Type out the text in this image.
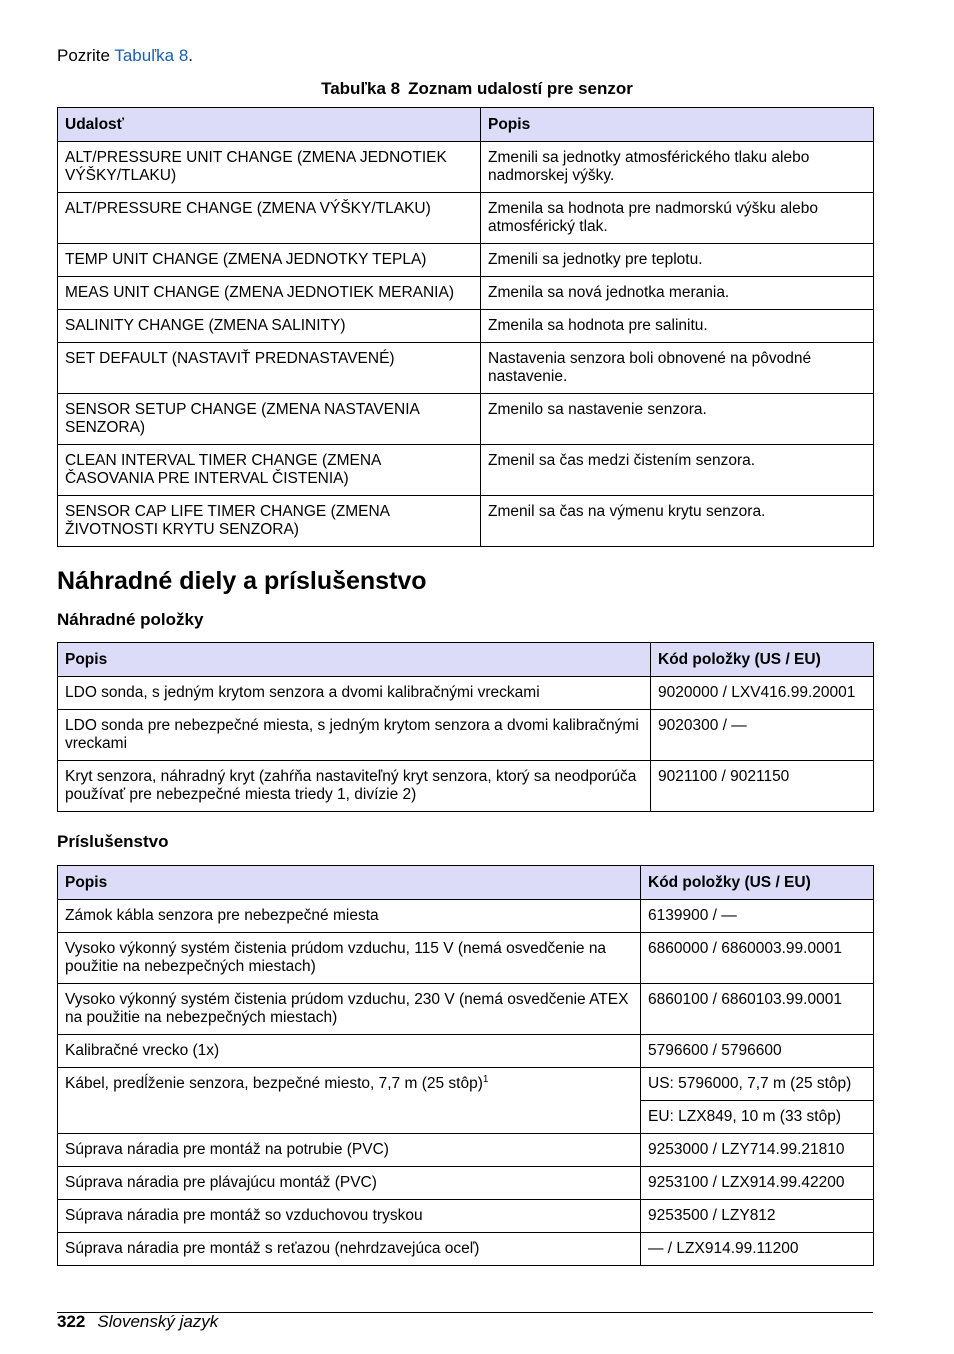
Pozrite Tabuľka 8.
Tabuľka 8 Zoznam udalostí pre senzor
Udalosť	Popis
ALT/PRESSURE UNIT CHANGE (ZMENA JEDNOTIEK VÝŠKY/TLAKU)	Zmenili sa jednotky atmosférického tlaku alebo nadmorskej výšky.
ALT/PRESSURE CHANGE (ZMENA VÝŠKY/TLAKU)	Zmenila sa hodnota pre nadmorskú výšku alebo atmosférický tlak.
TEMP UNIT CHANGE (ZMENA JEDNOTKY TEPLA)	Zmenili sa jednotky pre teplotu.
MEAS UNIT CHANGE (ZMENA JEDNOTIEK MERANIA)	Zmenila sa nová jednotka merania.
SALINITY CHANGE (ZMENA SALINITY)	Zmenila sa hodnota pre salinitu.
SET DEFAULT (NASTAVIŤ PREDNASTAVENÉ)	Nastavenia senzora boli obnovené na pôvodné nastavenie.
SENSOR SETUP CHANGE (ZMENA NASTAVENIA SENZORA)	Zmenilo sa nastavenie senzora.
CLEAN INTERVAL TIMER CHANGE (ZMENA ČASOVANIA PRE INTERVAL ČISTENIA)	Zmenil sa čas medzi čistením senzora.
SENSOR CAP LIFE TIMER CHANGE (ZMENA ŽIVOTNOSTI KRYTU SENZORA)	Zmenil sa čas na výmenu krytu senzora.
Náhradné diely a príslušenstvo
Náhradné položky
Popis	Kód položky (US / EU)
LDO sonda, s jedným krytom senzora a dvomi kalibračnými vreckami	9020000 / LXV416.99.20001
LDO sonda pre nebezpečné miesta, s jedným krytom senzora a dvomi kalibračnými vreckami	9020300 / —
Kryt senzora, náhradný kryt (zahŕňa nastaviteľný kryt senzora, ktorý sa neodporúča používať pre nebezpečné miesta triedy 1, divízie 2)	9021100 / 9021150
Príslušenstvo
Popis	Kód položky (US / EU)
Zámok kábla senzora pre nebezpečné miesta	6139900 / —
Vysoko výkonný systém čistenia prúdom vzduchu, 115 V (nemá osvedčenie na použitie na nebezpečných miestach)	6860000 / 6860003.99.0001
Vysoko výkonný systém čistenia prúdom vzduchu, 230 V (nemá osvedčenie ATEX na použitie na nebezpečných miestach)	6860100 / 6860103.99.0001
Kalibračné vrecko (1x)	5796600 / 5796600
Kábel, predĺženie senzora, bezpečné miesto, 7,7 m (25 stôp)$^1$	US: 5796000, 7,7 m (25 stôp)
	EU: LZX849, 10 m (33 stôp)
Súprava náradia pre montáž na potrubie (PVC)	9253000 / LZY714.99.21810
Súprava náradia pre plávajúcu montáž (PVC)	9253100 / LZX914.99.42200
Súprava náradia pre montáž so vzduchovou tryskou	9253500 / LZY812
Súprava náradia pre montáž s reťazou (nehrdzavejúca oceľ)	— / LZX914.99.11200
322 Slovenský jazyk
